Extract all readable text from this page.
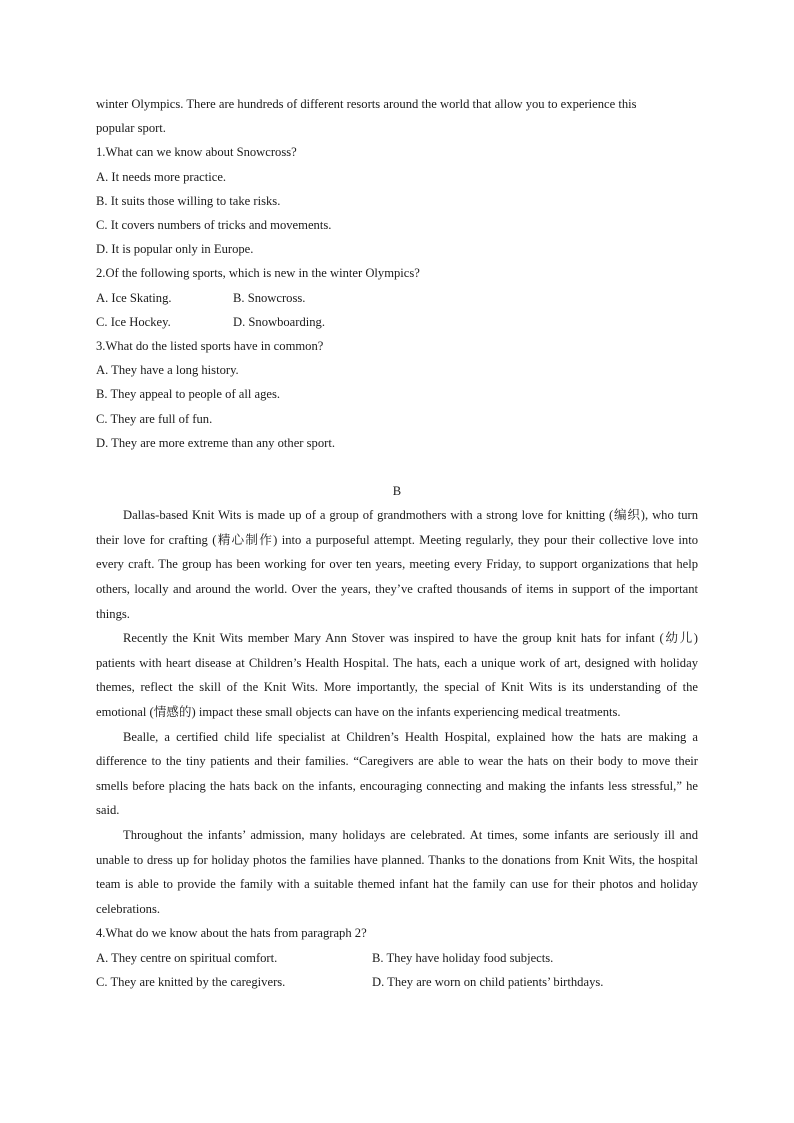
winter Olympics. There are hundreds of different resorts around the world that allow you to experience this
popular sport.
1.What can we know about Snowcross?
A. It needs more practice.
B. It suits those willing to take risks.
C. It covers numbers of tricks and movements.
D. It is popular only in Europe.
2.Of the following sports, which is new in the winter Olympics?
A. Ice Skating.	B. Snowcross.
C. Ice Hockey.	D. Snowboarding.
3.What do the listed sports have in common?
A. They have a long history.
B. They appeal to people of all ages.
C. They are full of fun.
D. They are more extreme than any other sport.
B

Dallas-based Knit Wits is made up of a group of grandmothers with a strong love for knitting (编织), who turn their love for crafting (精心制作) into a purposeful attempt. Meeting regularly, they pour their collective love into every craft. The group has been working for over ten years, meeting every Friday, to support organizations that help others, locally and around the world. Over the years, they’ve crafted thousands of items in support of the important things.

Recently the Knit Wits member Mary Ann Stover was inspired to have the group knit hats for infant (幼儿) patients with heart disease at Children’s Health Hospital. The hats, each a unique work of art, designed with holiday themes, reflect the skill of the Knit Wits. More importantly, the special of Knit Wits is its understanding of the emotional (情感的) impact these small objects can have on the infants experiencing medical treatments.

Bealle, a certified child life specialist at Children’s Health Hospital, explained how the hats are making a difference to the tiny patients and their families. “Caregivers are able to wear the hats on their body to move their smells before placing the hats back on the infants, encouraging connecting and making the infants less stressful,” he said.

Throughout the infants’ admission, many holidays are celebrated. At times, some infants are seriously ill and unable to dress up for holiday photos the families have planned. Thanks to the donations from Knit Wits, the hospital team is able to provide the family with a suitable themed infant hat the family can use for their photos and holiday celebrations.

4.What do we know about the hats from paragraph 2?
A. They centre on spiritual comfort.	B. They have holiday food subjects.
C. They are knitted by the caregivers.	D. They are worn on child patients’ birthdays.
